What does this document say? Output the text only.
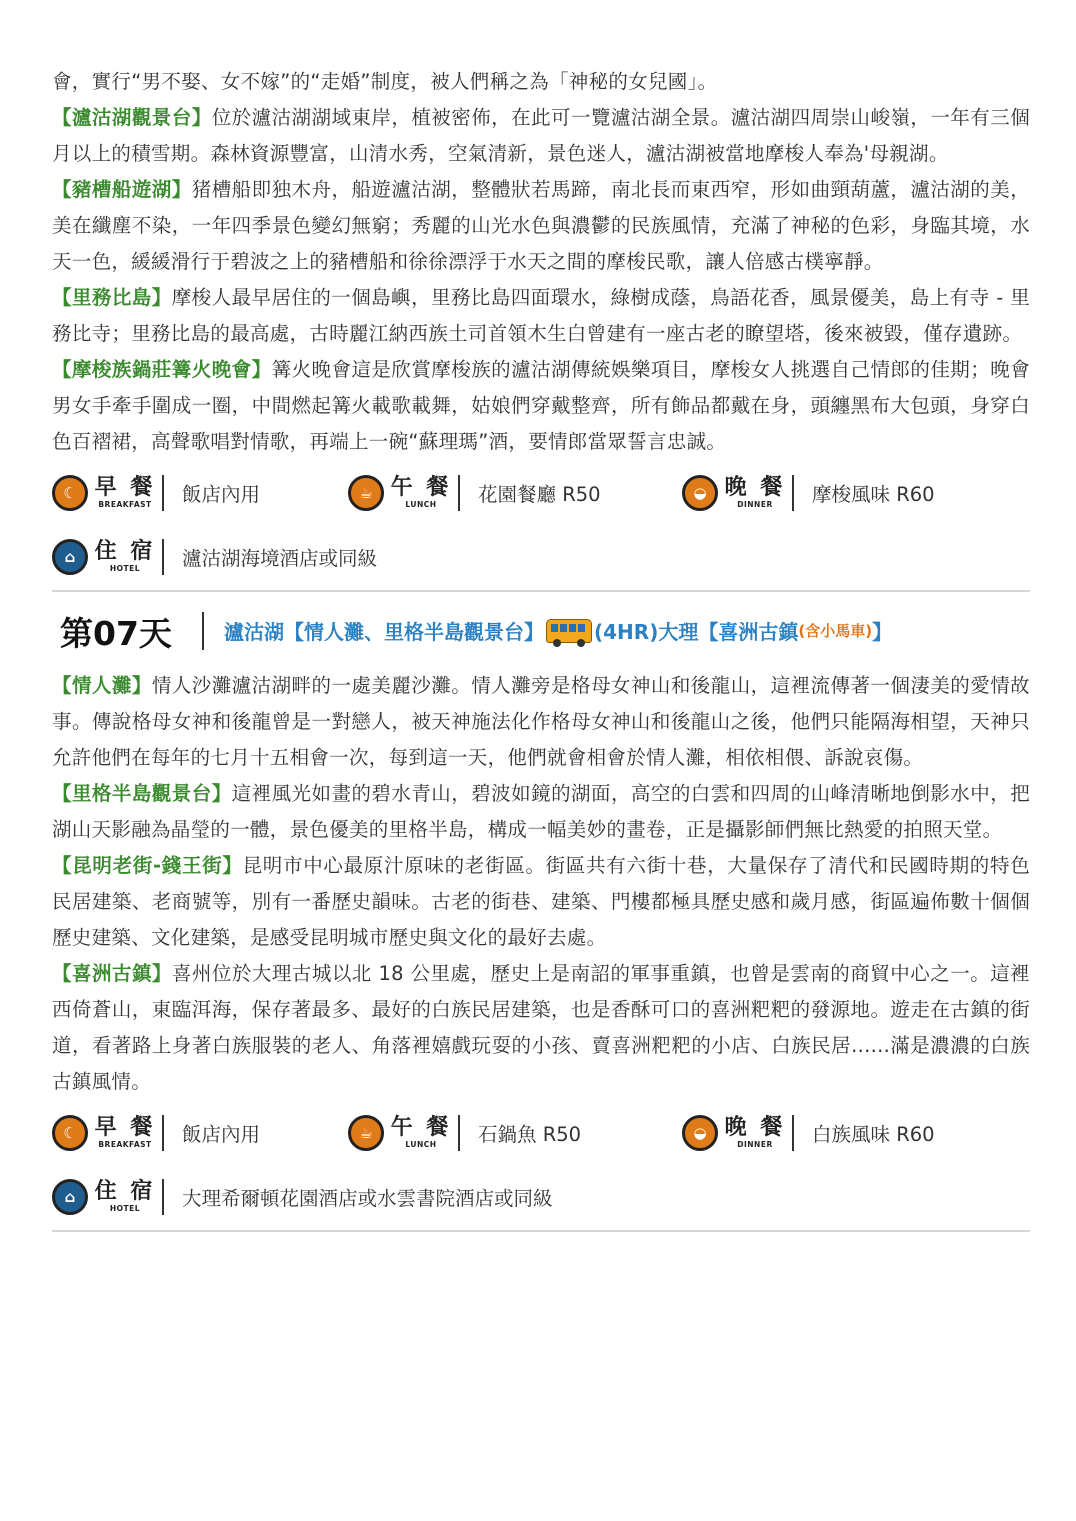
會，實行“男不娶、女不嫁”的“走婚”制度，被人們稱之為「神秘的女兒國」。

【瀘沽湖觀景台】位於瀘沽湖湖域東岸，植被密佈，在此可一覽瀘沽湖全景。瀘沽湖四周崇山峻嶺，一年有三個月以上的積雪期。森林資源豐富，山清水秀，空氣清新，景色迷人，瀘沽湖被當地摩梭人奉為'母親湖。

【豬槽船遊湖】猪槽船即独木舟，船遊瀘沽湖，整體狀若馬蹄，南北長而東西窄，形如曲頸葫蘆，瀘沽湖的美，美在纖塵不染，一年四季景色變幻無窮；秀麗的山光水色與濃鬱的民族風情，充滿了神秘的色彩，身臨其境，水天一色，緩緩滑行于碧波之上的豬槽船和徐徐漂浮于水天之間的摩梭民歌，讓人倍感古樸寧靜。

【里務比島】摩梭人最早居住的一個島嶼，里務比島四面環水，綠樹成蔭，鳥語花香，風景優美，島上有寺 - 里務比寺；里務比島的最高處，古時麗江納西族土司首領木生白曾建有一座古老的瞭望塔，後來被毀，僅存遺跡。

【摩梭族鍋莊篝火晚會】篝火晚會這是欣賞摩梭族的瀘沽湖傳統娛樂項目，摩梭女人挑選自己情郎的佳期；晚會男女手牽手圍成一圈，中間燃起篝火載歌載舞，姑娘們穿戴整齊，所有飾品都戴在身，頭纏黑布大包頭，身穿白色百褶裙，高聲歌唱對情歌，再端上一碗“蘇理瑪”酒，要情郎當眾誓言忠誠。

☾ 早 餐
BREAKFAST 飯店內用	☕ 午 餐
LUNCH 花園餐廳 R50	◒ 晚 餐
DINNER 摩梭風味 R60
⌂ 住 宿
HOTEL 瀘沽湖海境酒店或同級
第07天	瀘沽湖【情人灘、里格半島觀景台】	(4HR)大理【喜洲古鎮 (含小馬車) 】

【情人灘】情人沙灘瀘沽湖畔的一處美麗沙灘。情人灘旁是格母女神山和後龍山，這裡流傳著一個淒美的愛情故事。傳說格母女神和後龍曾是一對戀人，被天神施法化作格母女神山和後龍山之後，他們只能隔海相望，天神只允許他們在每年的七月十五相會一次，每到這一天，他們就會相會於情人灘，相依相偎、訴說哀傷。

【里格半島觀景台】這裡風光如畫的碧水青山，碧波如鏡的湖面，高空的白雲和四周的山峰清晰地倒影水中，把湖山天影融為晶瑩的一體，景色優美的里格半島，構成一幅美妙的畫卷，正是攝影師們無比熱愛的拍照天堂。

【昆明老街-錢王街】昆明市中心最原汁原味的老街區。街區共有六街十巷，大量保存了清代和民國時期的特色民居建築、老商號等，別有一番歷史韻味。古老的街巷、建築、門樓都極具歷史感和歲月感，街區遍佈數十個個歷史建築、文化建築，是感受昆明城市歷史與文化的最好去處。

【喜洲古鎮】喜州位於大理古城以北 18 公里處，歷史上是南詔的軍事重鎮，也曾是雲南的商貿中心之一。這裡西倚蒼山，東臨洱海，保存著最多、最好的白族民居建築，也是香酥可口的喜洲粑粑的發源地。遊走在古鎮的街道，看著路上身著白族服裝的老人、角落裡嬉戲玩耍的小孩、賣喜洲粑粑的小店、白族民居......滿是濃濃的白族古鎮風情。

☾ 早 餐
BREAKFAST 飯店內用	☕ 午 餐
LUNCH 石鍋魚 R50	◒ 晚 餐
DINNER 白族風味 R60
⌂ 住 宿
HOTEL 大理希爾頓花園酒店或水雲書院酒店或同級
